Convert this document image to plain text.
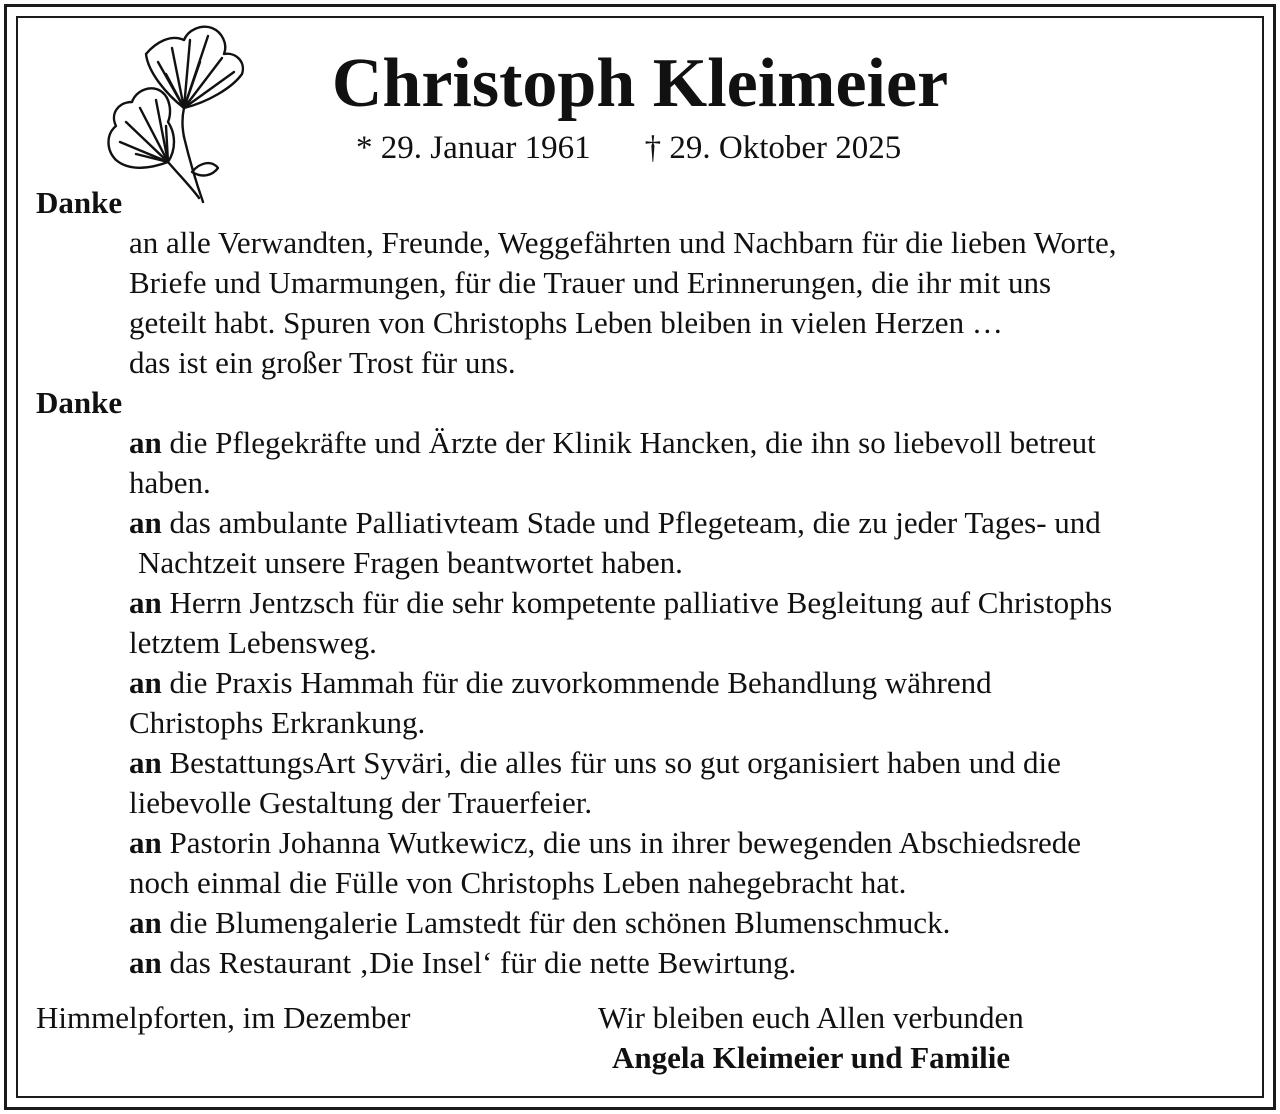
Christoph Kleimeier
* 29. Januar 1961 † 29. Oktober 2025
Danke
an alle Verwandten, Freunde, Weggefährten und Nachbarn für die lieben Worte,
Briefe und Umarmungen, für die Trauer und Erinnerungen, die ihr mit uns
geteilt habt. Spuren von Christophs Leben bleiben in vielen Herzen …
das ist ein großer Trost für uns.
Danke
an die Pflegekräfte und Ärzte der Klinik Hancken, die ihn so liebevoll betreut
haben.
an das ambulante Palliativteam Stade und Pflegeteam, die zu jeder Tages- und
Nachtzeit unsere Fragen beantwortet haben.
an Herrn Jentzsch für die sehr kompetente palliative Begleitung auf Christophs
letztem Lebensweg.
an die Praxis Hammah für die zuvorkommende Behandlung während
Christophs Erkrankung.
an BestattungsArt Syväri, die alles für uns so gut organisiert haben und die
liebevolle Gestaltung der Trauerfeier.
an Pastorin Johanna Wutkewicz, die uns in ihrer bewegenden Abschiedsrede
noch einmal die Fülle von Christophs Leben nahegebracht hat.
an die Blumengalerie Lamstedt für den schönen Blumenschmuck.
an das Restaurant ‚Die Insel‘ für die nette Bewirtung.
Himmelpforten, im Dezember	Wir bleiben euch Allen verbunden
Angela Kleimeier und Familie
